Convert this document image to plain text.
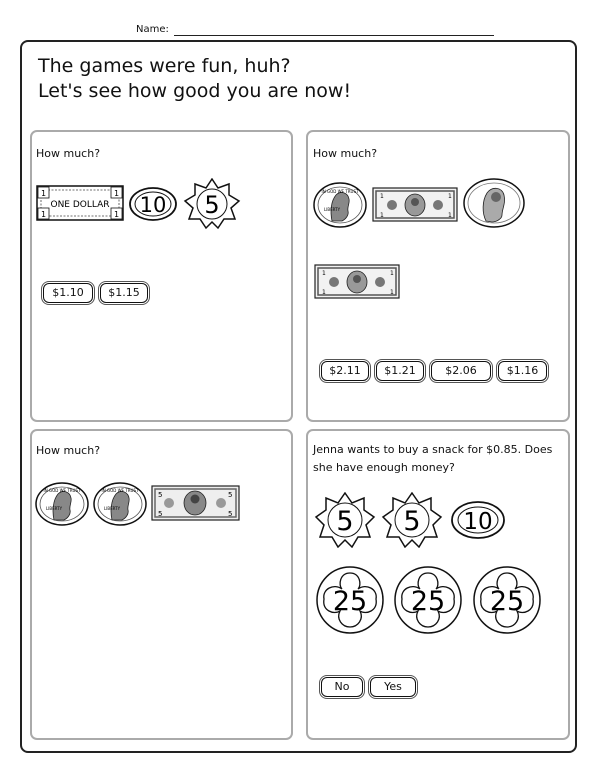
Name:
The games were fun, huh?
Let's see how good you are now!
How much?
1	1
1	1
ONE DOLLAR 10 5
$1.10	$1.15
How much?
IN GOD WE TRUST
LIBERTY
1	1
1	1
1	1
1	1
$2.11	$1.21	$2.06	$1.16
How much?
IN GOD WE TRUST
LIBERTY
IN GOD WE TRUST
LIBERTY
5	5
5	5
Jenna wants to buy a snack for $0.85. Does she have enough money?
5 5 10
25 25 25
No	Yes
